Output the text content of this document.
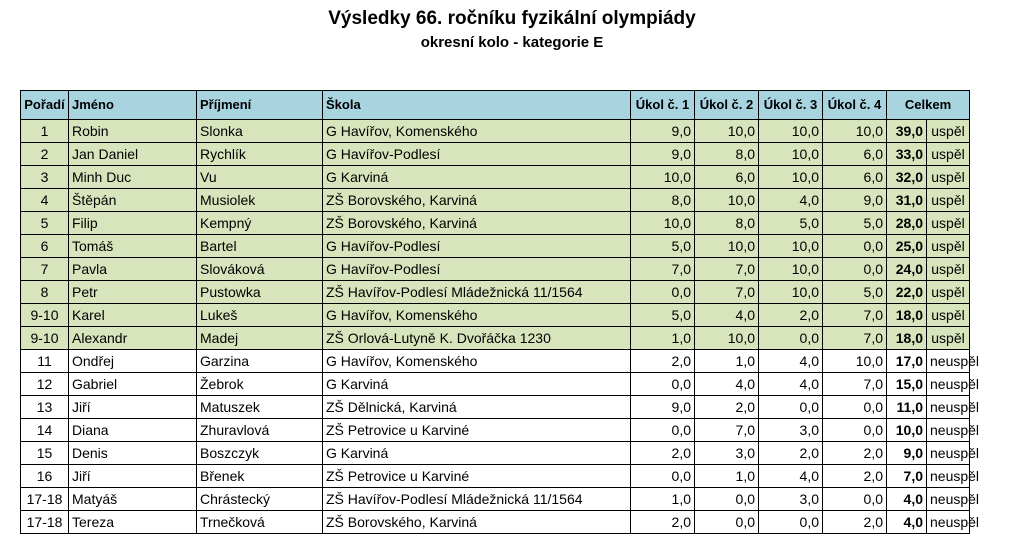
Výsledky 66. ročníku fyzikální olympiády
okresní kolo - kategorie E
Pořadí	Jméno	Příjmení	Škola	Úkol č. 1	Úkol č. 2	Úkol č. 3	Úkol č. 4	Celkem	
1	Robin	Slonka	G Havířov, Komenského	9,0	10,0	10,0	10,0	39,0	uspěl
2	Jan Daniel	Rychlík	G Havířov-Podlesí	9,0	8,0	10,0	6,0	33,0	uspěl
3	Minh Duc	Vu	G Karviná	10,0	6,0	10,0	6,0	32,0	uspěl
4	Štěpán	Musiolek	ZŠ Borovského, Karviná	8,0	10,0	4,0	9,0	31,0	uspěl
5	Filip	Kempný	ZŠ Borovského, Karviná	10,0	8,0	5,0	5,0	28,0	uspěl
6	Tomáš	Bartel	G Havířov-Podlesí	5,0	10,0	10,0	0,0	25,0	uspěl
7	Pavla	Slováková	G Havířov-Podlesí	7,0	7,0	10,0	0,0	24,0	uspěl
8	Petr	Pustowka	ZŠ Havířov-Podlesí Mládežnická 11/1564	0,0	7,0	10,0	5,0	22,0	uspěl
9-10	Karel	Lukeš	G Havířov, Komenského	5,0	4,0	2,0	7,0	18,0	uspěl
9-10	Alexandr	Madej	ZŠ Orlová-Lutyně K. Dvořáčka 1230	1,0	10,0	0,0	7,0	18,0	uspěl
11	Ondřej	Garzina	G Havířov, Komenského	2,0	1,0	4,0	10,0	17,0	neuspěl
12	Gabriel	Žebrok	G Karviná	0,0	4,0	4,0	7,0	15,0	neuspěl
13	Jiří	Matuszek	ZŠ Dělnická, Karviná	9,0	2,0	0,0	0,0	11,0	neuspěl
14	Diana	Zhuravlová	ZŠ Petrovice u Karviné	0,0	7,0	3,0	0,0	10,0	neuspěl
15	Denis	Boszczyk	G Karviná	2,0	3,0	2,0	2,0	9,0	neuspěl
16	Jiří	Břenek	ZŠ Petrovice u Karviné	0,0	1,0	4,0	2,0	7,0	neuspěl
17-18	Matyáš	Chrástecký	ZŠ Havířov-Podlesí Mládežnická 11/1564	1,0	0,0	3,0	0,0	4,0	neuspěl
17-18	Tereza	Trnečková	ZŠ Borovského, Karviná	2,0	0,0	0,0	2,0	4,0	neuspěl
